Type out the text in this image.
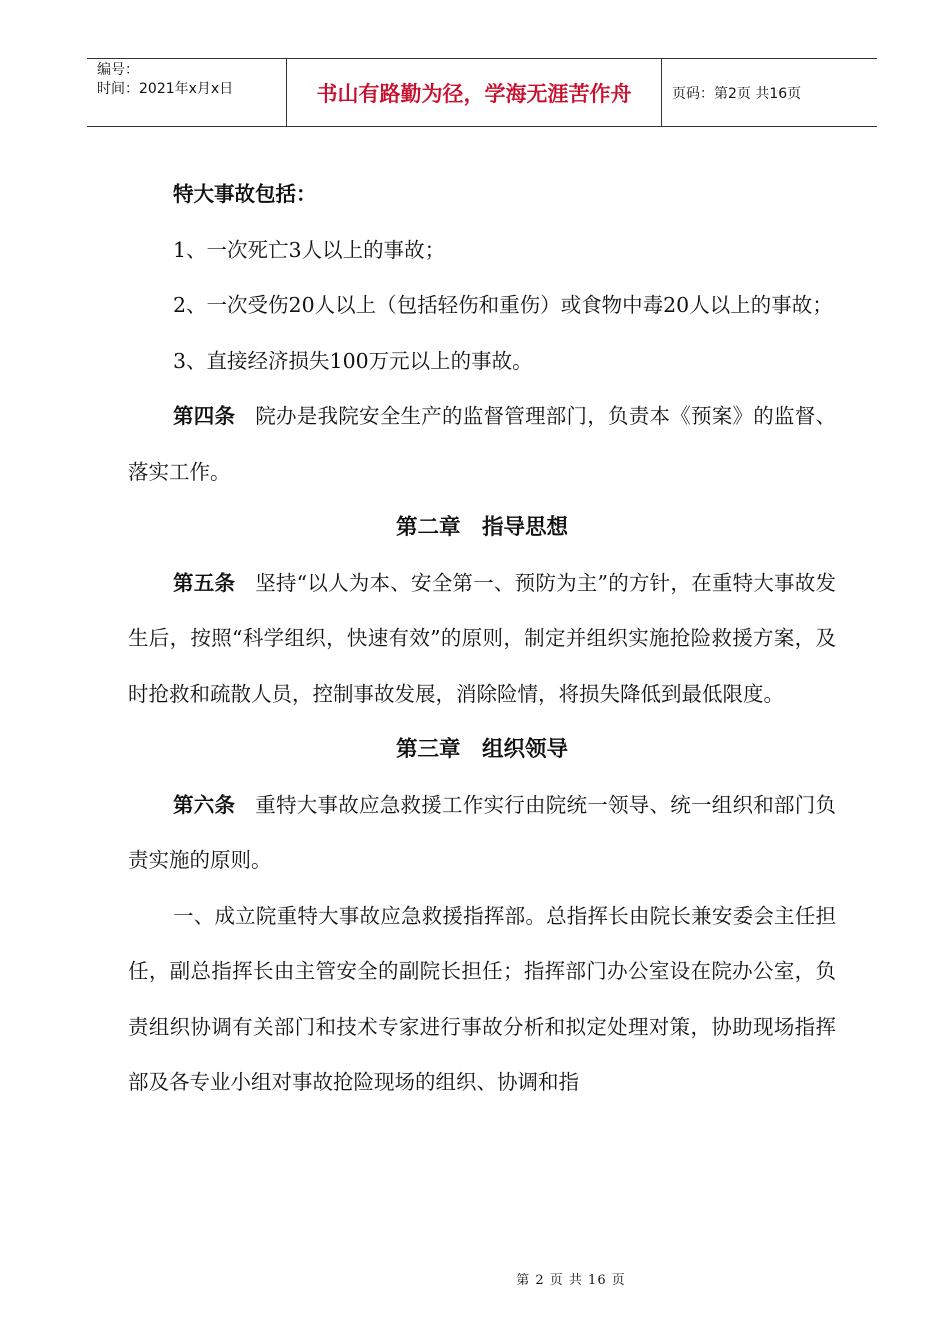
编号：
时间：2021年x月x日	书山有路勤为径，学海无涯苦作舟	页码：第2页 共16页

特大事故包括：

1、一次死亡3人以上的事故；

2、一次受伤20人以上（包括轻伤和重伤）或食物中毒20人以上的事故；

3、直接经济损失100万元以上的事故。

第四条 院办是我院安全生产的监督管理部门，负责本《预案》的监督、落实工作。

第二章　指导思想

第五条 坚持“以人为本、安全第一、预防为主”的方针，在重特大事故发生后，按照“科学组织，快速有效”的原则，制定并组织实施抢险救援方案，及时抢救和疏散人员，控制事故发展，消除险情，将损失降低到最低限度。

第三章　组织领导

第六条 重特大事故应急救援工作实行由院统一领导、统一组织和部门负责实施的原则。

一、成立院重特大事故应急救援指挥部。总指挥长由院长兼安委会主任担任，副总指挥长由主管安全的副院长担任；指挥部门办公室设在院办公室，负责组织协调有关部门和技术专家进行事故分析和拟定处理对策，协助现场指挥部及各专业小组对事故抢险现场的组织、协调和指

第 2 页 共 16 页
